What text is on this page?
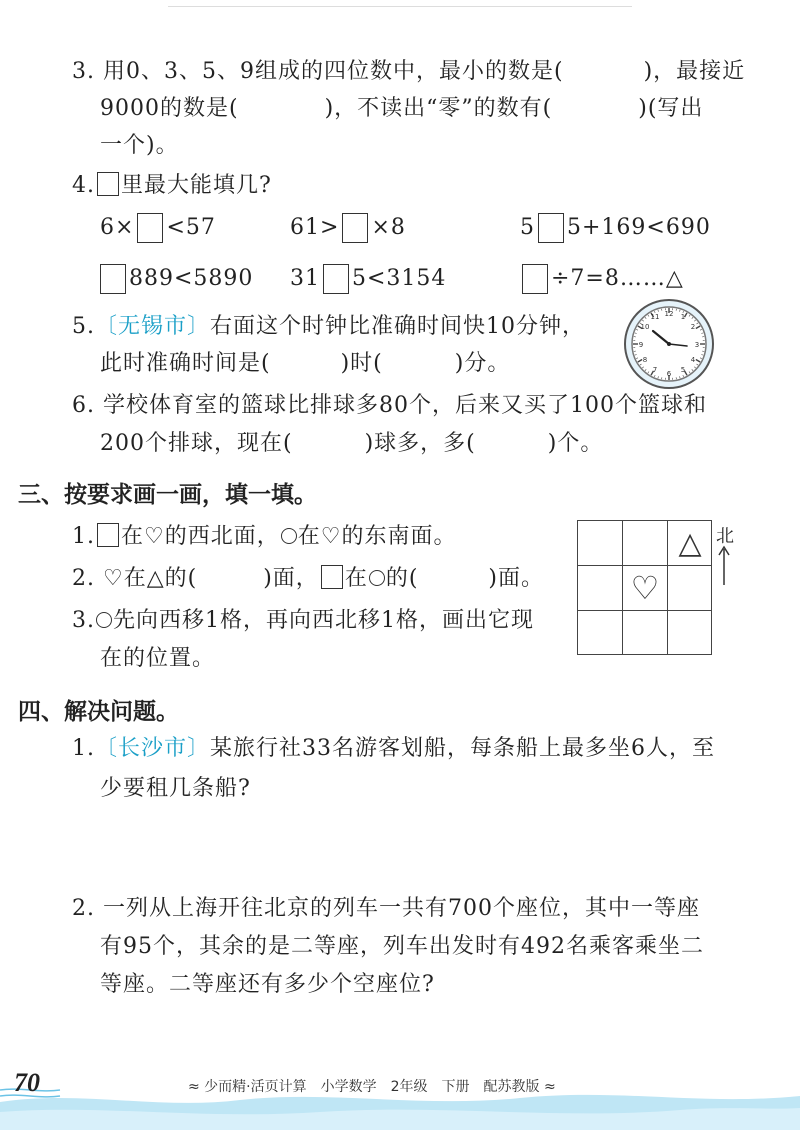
3. 用0、3、5、9组成的四位数中，最小的数是(	)，最接近
9000的数是(	)，不读出“零”的数有(	)(写出
一个)。
4. 里最大能填几?
6× <57	61> ×8	5 5+169<690
889<5890 31 5<3154	÷7=8……△
5.〔无锡市〕右面这个时钟比准确时间快10分钟，
此时准确时间是(	)时(	)分。
12 1
2
3
4
5
6
7
8
9
10
11
6. 学校体育室的篮球比排球多80个，后来又买了100个篮球和
200个排球，现在(	)球多，多(	)个。
三、按要求画一画，填一填。
1. 在♡的西北面， 在♡的东南面。
2. ♡在△的(	)面， 在 的(	)面。
3. 先向西移1格，再向西北移1格，画出它现
在的位置。
△
♡
北
四、解决问题。
1.〔长沙市〕某旅行社33名游客划船，每条船上最多坐6人，至
少要租几条船?
2. 一列从上海开往北京的列车一共有700个座位，其中一等座
有95个，其余的是二等座，列车出发时有492名乘客乘坐二
等座。二等座还有多少个空座位?
70	≈ 少而精·活页计算　小学数学　2年级　下册　配苏教版 ≈
